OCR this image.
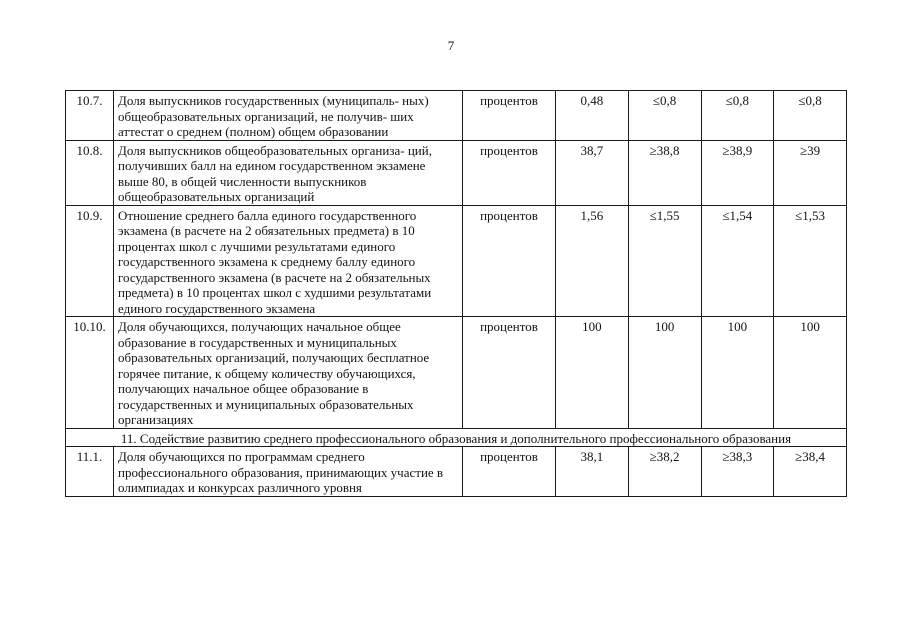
7
10.7.	Доля выпускников государственных (муниципаль- ных) общеобразовательных организаций, не получив- ших аттестат о среднем (полном) общем образовании	процентов	0,48	≤0,8	≤0,8	≤0,8
10.8.	Доля выпускников общеобразовательных организа- ций, получивших балл на едином государственном экзамене выше 80, в общей численности выпускников общеобразовательных организаций	процентов	38,7	≥38,8	≥38,9	≥39
10.9.	Отношение среднего балла единого государственного экзамена (в расчете на 2 обязательных предмета) в 10 процентах школ с лучшими результатами единого государственного экзамена к среднему баллу единого государственного экзамена (в расчете на 2 обязательных предмета) в 10 процентах школ с худшими результатами единого государственного экзамена	процентов	1,56	≤1,55	≤1,54	≤1,53
10.10.	Доля обучающихся, получающих начальное общее образование в государственных и муниципальных образовательных организаций, получающих бесплатное горячее питание, к общему количеству обучающихся, получающих начальное общее образование в государственных и муниципальных образовательных организациях	процентов	100	100	100	100
11. Содействие развитию среднего профессионального образования и дополнительного профессионального образования						
11.1.	Доля обучающихся по программам среднего профессионального образования, принимающих участие в олимпиадах и конкурсах различного уровня	процентов	38,1	≥38,2	≥38,3	≥38,4
